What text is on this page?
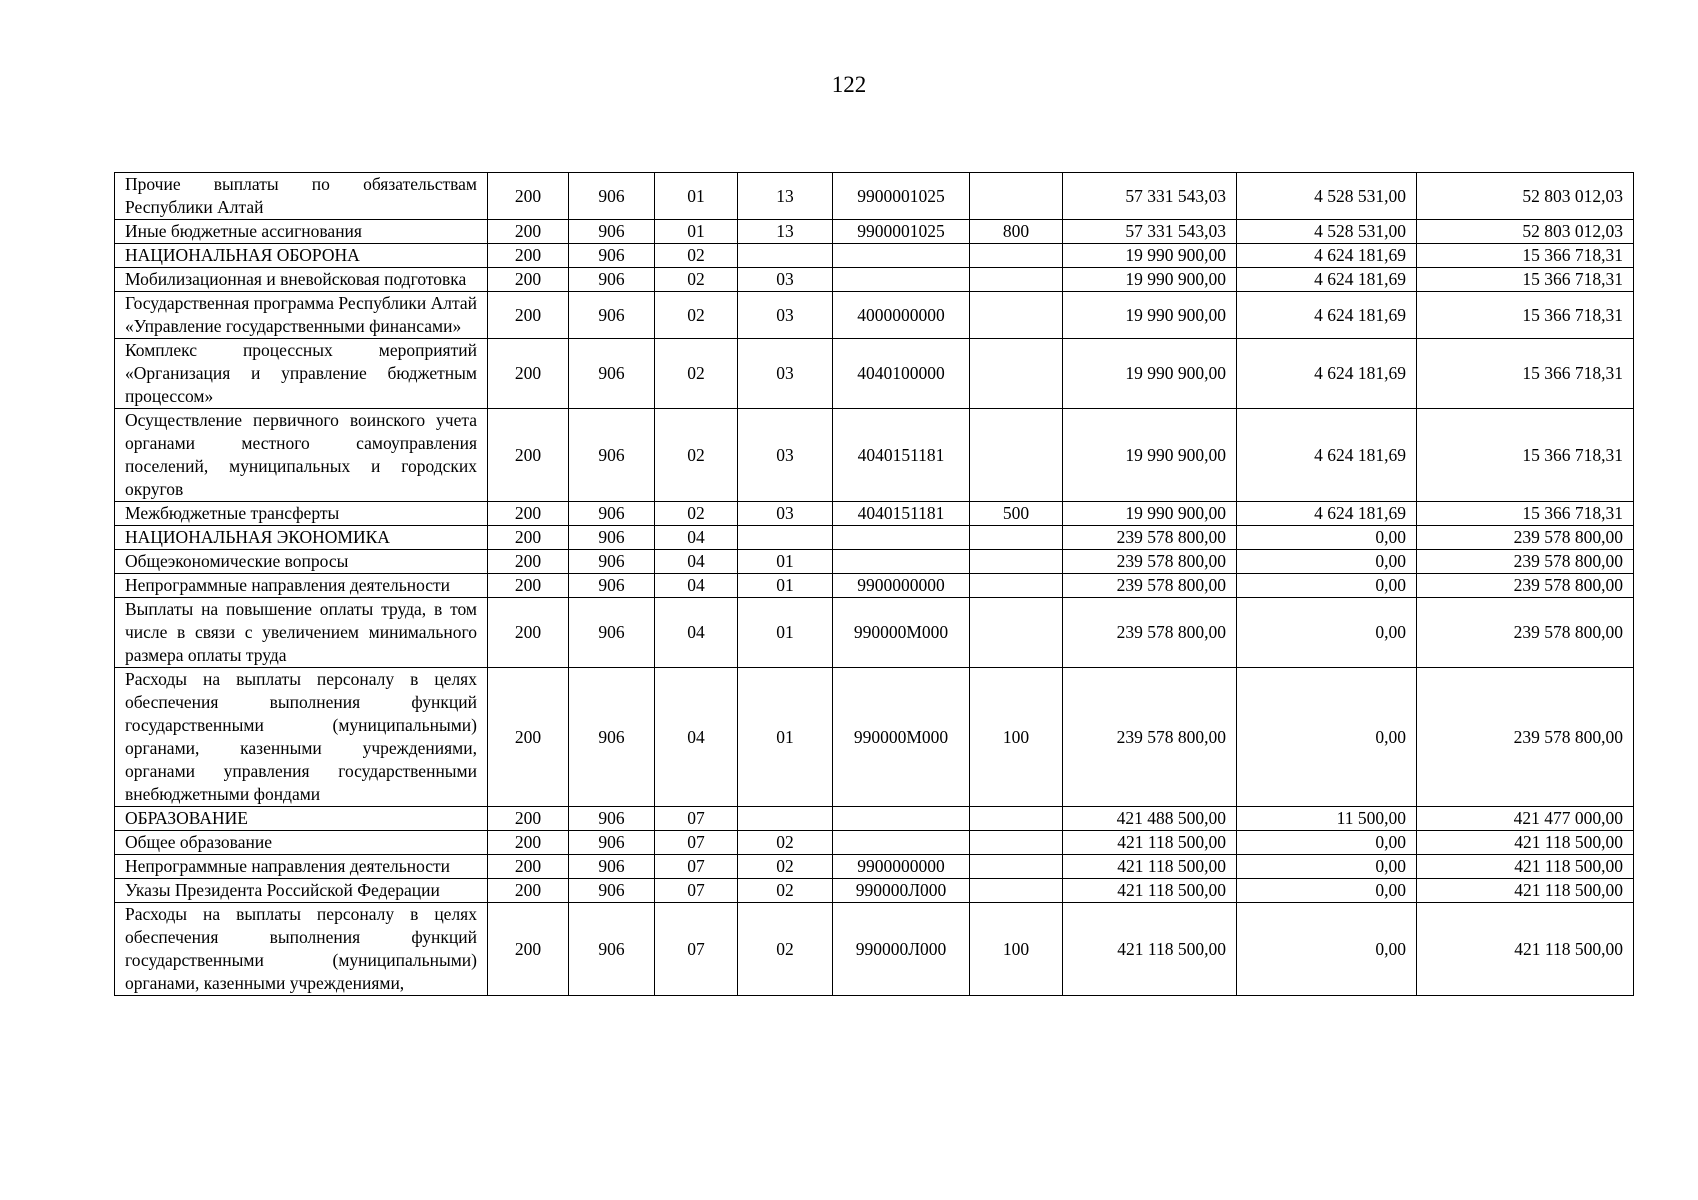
122
Прочие выплаты по обязательствам Республики Алтай	200	906	01	13	9900001025		57 331 543,03	4 528 531,00	52 803 012,03
Иные бюджетные ассигнования	200	906	01	13	9900001025	800	57 331 543,03	4 528 531,00	52 803 012,03
НАЦИОНАЛЬНАЯ ОБОРОНА	200	906	02				19 990 900,00	4 624 181,69	15 366 718,31
Мобилизационная и вневойсковая подготовка	200	906	02	03			19 990 900,00	4 624 181,69	15 366 718,31
Государственная программа Республики Алтай «Управление государственными финансами»	200	906	02	03	4000000000		19 990 900,00	4 624 181,69	15 366 718,31
Комплекс процессных мероприятий «Организация и управление бюджетным процессом»	200	906	02	03	4040100000		19 990 900,00	4 624 181,69	15 366 718,31
Осуществление первичного воинского учета органами местного самоуправления поселений, муниципальных и городских округов	200	906	02	03	4040151181		19 990 900,00	4 624 181,69	15 366 718,31
Межбюджетные трансферты	200	906	02	03	4040151181	500	19 990 900,00	4 624 181,69	15 366 718,31
НАЦИОНАЛЬНАЯ ЭКОНОМИКА	200	906	04				239 578 800,00	0,00	239 578 800,00
Общеэкономические вопросы	200	906	04	01			239 578 800,00	0,00	239 578 800,00
Непрограммные направления деятельности	200	906	04	01	9900000000		239 578 800,00	0,00	239 578 800,00
Выплаты на повышение оплаты труда, в том числе в связи с увеличением минимального размера оплаты труда	200	906	04	01	990000М000		239 578 800,00	0,00	239 578 800,00
Расходы на выплаты персоналу в целях обеспечения выполнения функций государственными (муниципальными) органами, казенными учреждениями, органами управления государственными внебюджетными фондами	200	906	04	01	990000М000	100	239 578 800,00	0,00	239 578 800,00
ОБРАЗОВАНИЕ	200	906	07				421 488 500,00	11 500,00	421 477 000,00
Общее образование	200	906	07	02			421 118 500,00	0,00	421 118 500,00
Непрограммные направления деятельности	200	906	07	02	9900000000		421 118 500,00	0,00	421 118 500,00
Указы Президента Российской Федерации	200	906	07	02	990000Л000		421 118 500,00	0,00	421 118 500,00
Расходы на выплаты персоналу в целях обеспечения выполнения функций государственными (муниципальными) органами, казенными учреждениями,	200	906	07	02	990000Л000	100	421 118 500,00	0,00	421 118 500,00
